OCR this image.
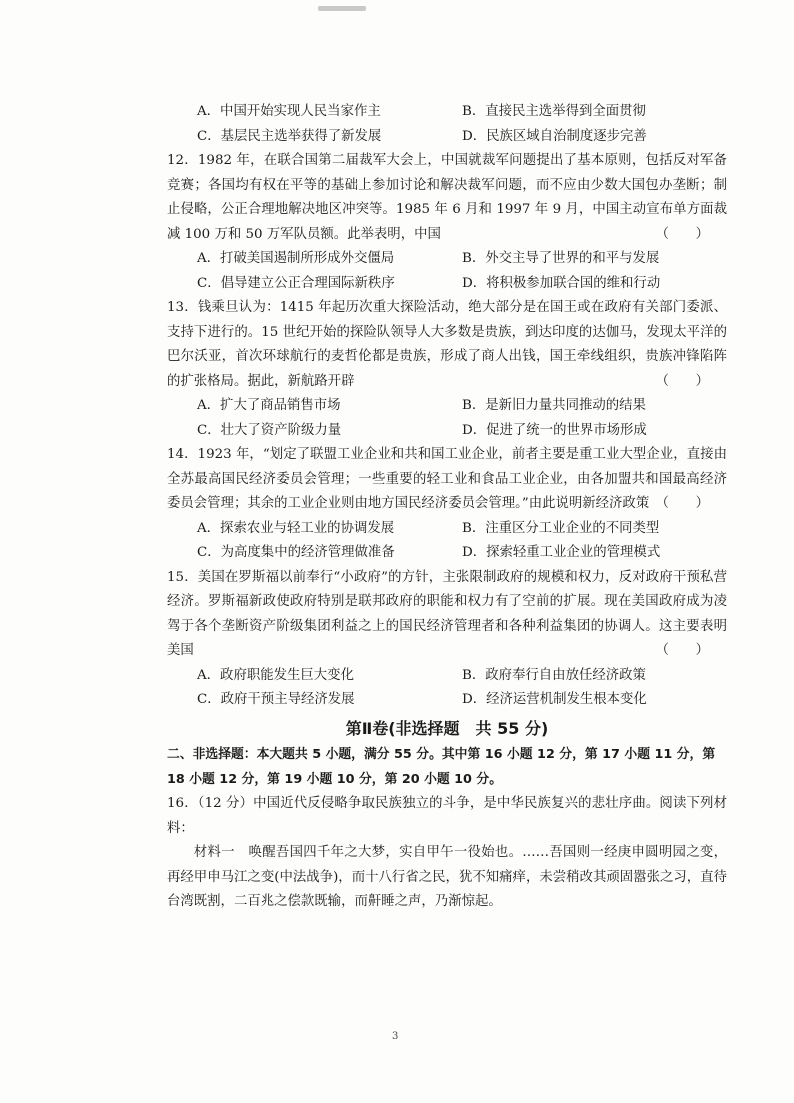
A．中国开始实现人民当家作主	B．直接民主选举得到全面贯彻
C．基层民主选举获得了新发展	D．民族区域自治制度逐步完善
12．1982 年，在联合国第二届裁军大会上，中国就裁军问题提出了基本原则，包括反对军备竞赛；各国均有权在平等的基础上参加讨论和解决裁军问题，而不应由少数大国包办垄断；制止侵略，公正合理地解决地区冲突等。1985 年 6 月和 1997 年 9 月，中国主动宣布单方面裁减 100 万和 50 万军队员额。此举表明，中国	（　　）
A．打破美国遏制所形成外交僵局	B．外交主导了世界的和平与发展
C．倡导建立公正合理国际新秩序	D．将积极参加联合国的维和行动
13．钱乘旦认为：1415 年起历次重大探险活动，绝大部分是在国王或在政府有关部门委派、支持下进行的。15 世纪开始的探险队领导人大多数是贵族，到达印度的达伽马，发现太平洋的巴尔沃亚，首次环球航行的麦哲伦都是贵族，形成了商人出钱，国王牵线组织，贵族冲锋陷阵的扩张格局。据此，新航路开辟	（　　）
A．扩大了商品销售市场	B．是新旧力量共同推动的结果
C．壮大了资产阶级力量	D．促进了统一的世界市场形成
14．1923 年，“划定了联盟工业企业和共和国工业企业，前者主要是重工业大型企业，直接由全苏最高国民经济委员会管理；一些重要的轻工业和食品工业企业，由各加盟共和国最高经济委员会管理；其余的工业企业则由地方国民经济委员会管理。”由此说明新经济政策 （　　）
A．探索农业与轻工业的协调发展	B．注重区分工业企业的不同类型
C．为高度集中的经济管理做准备	D．探索轻重工业企业的管理模式
15．美国在罗斯福以前奉行“小政府”的方针，主张限制政府的规模和权力，反对政府干预私营经济。罗斯福新政使政府特别是联邦政府的职能和权力有了空前的扩展。现在美国政府成为凌驾于各个垄断资产阶级集团利益之上的国民经济管理者和各种利益集团的协调人。这主要表明美国	（　　）
A．政府职能发生巨大变化	B．政府奉行自由放任经济政策
C．政府干预主导经济发展	D．经济运营机制发生根本变化
第Ⅱ卷(非选择题　共 55 分)
二、非选择题：本大题共 5 小题，满分 55 分。其中第 16 小题 12 分，第 17 小题 11 分，第 18 小题 12 分，第 19 小题 10 分，第 20 小题 10 分。
16．（12 分）中国近代反侵略争取民族独立的斗争，是中华民族复兴的悲壮序曲。阅读下列材料：
材料一　唤醒吾国四千年之大梦，实自甲午一役始也。……吾国则一经庚申圆明园之变，再经甲申马江之变(中法战争)，而十八行省之民，犹不知痛痒，未尝稍改其顽固嚣张之习，直待台湾既割，二百兆之偿款既输，而鼾睡之声，乃渐惊起。
3
